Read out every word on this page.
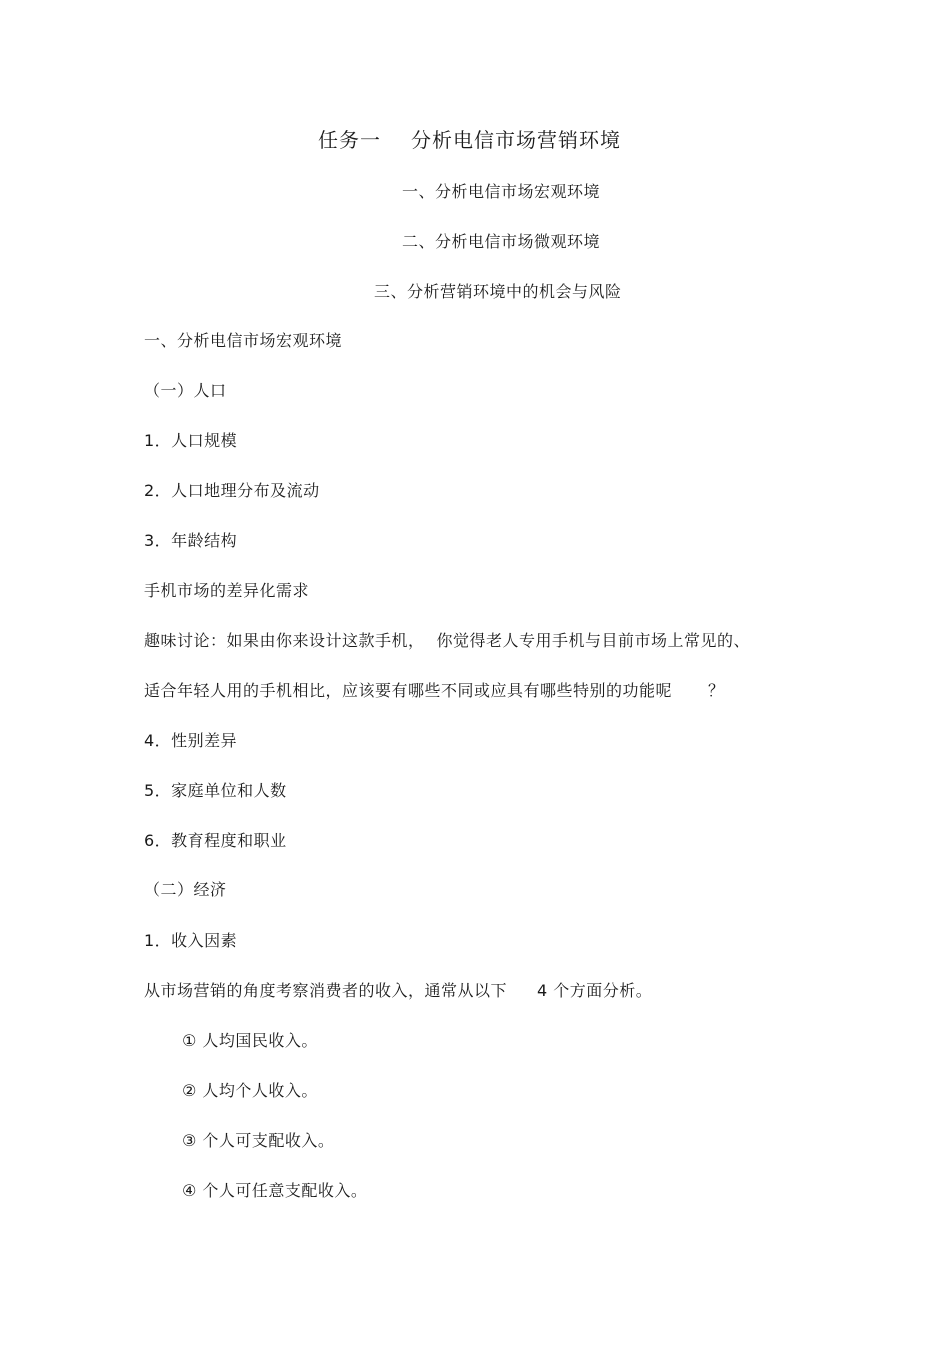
任务一 分析电信市场营销环境
一、分析电信市场宏观环境
二、分析电信市场微观环境
三、分析营销环境中的机会与风险
一、分析电信市场宏观环境
（一）人口
1．人口规模
2．人口地理分布及流动
3．年龄结构
手机市场的差异化需求
趣味讨论：如果由你来设计这款手机， 你觉得老人专用手机与目前市场上常见的、
适合年轻人用的手机相比，应该要有哪些不同或应具有哪些特别的功能呢 ？
4．性别差异
5．家庭单位和人数
6．教育程度和职业
（二）经济
1．收入因素
从市场营销的角度考察消费者的收入，通常从以下 4 个方面分析。
① 人均国民收入。
② 人均个人收入。
③ 个人可支配收入。
④ 个人可任意支配收入。
